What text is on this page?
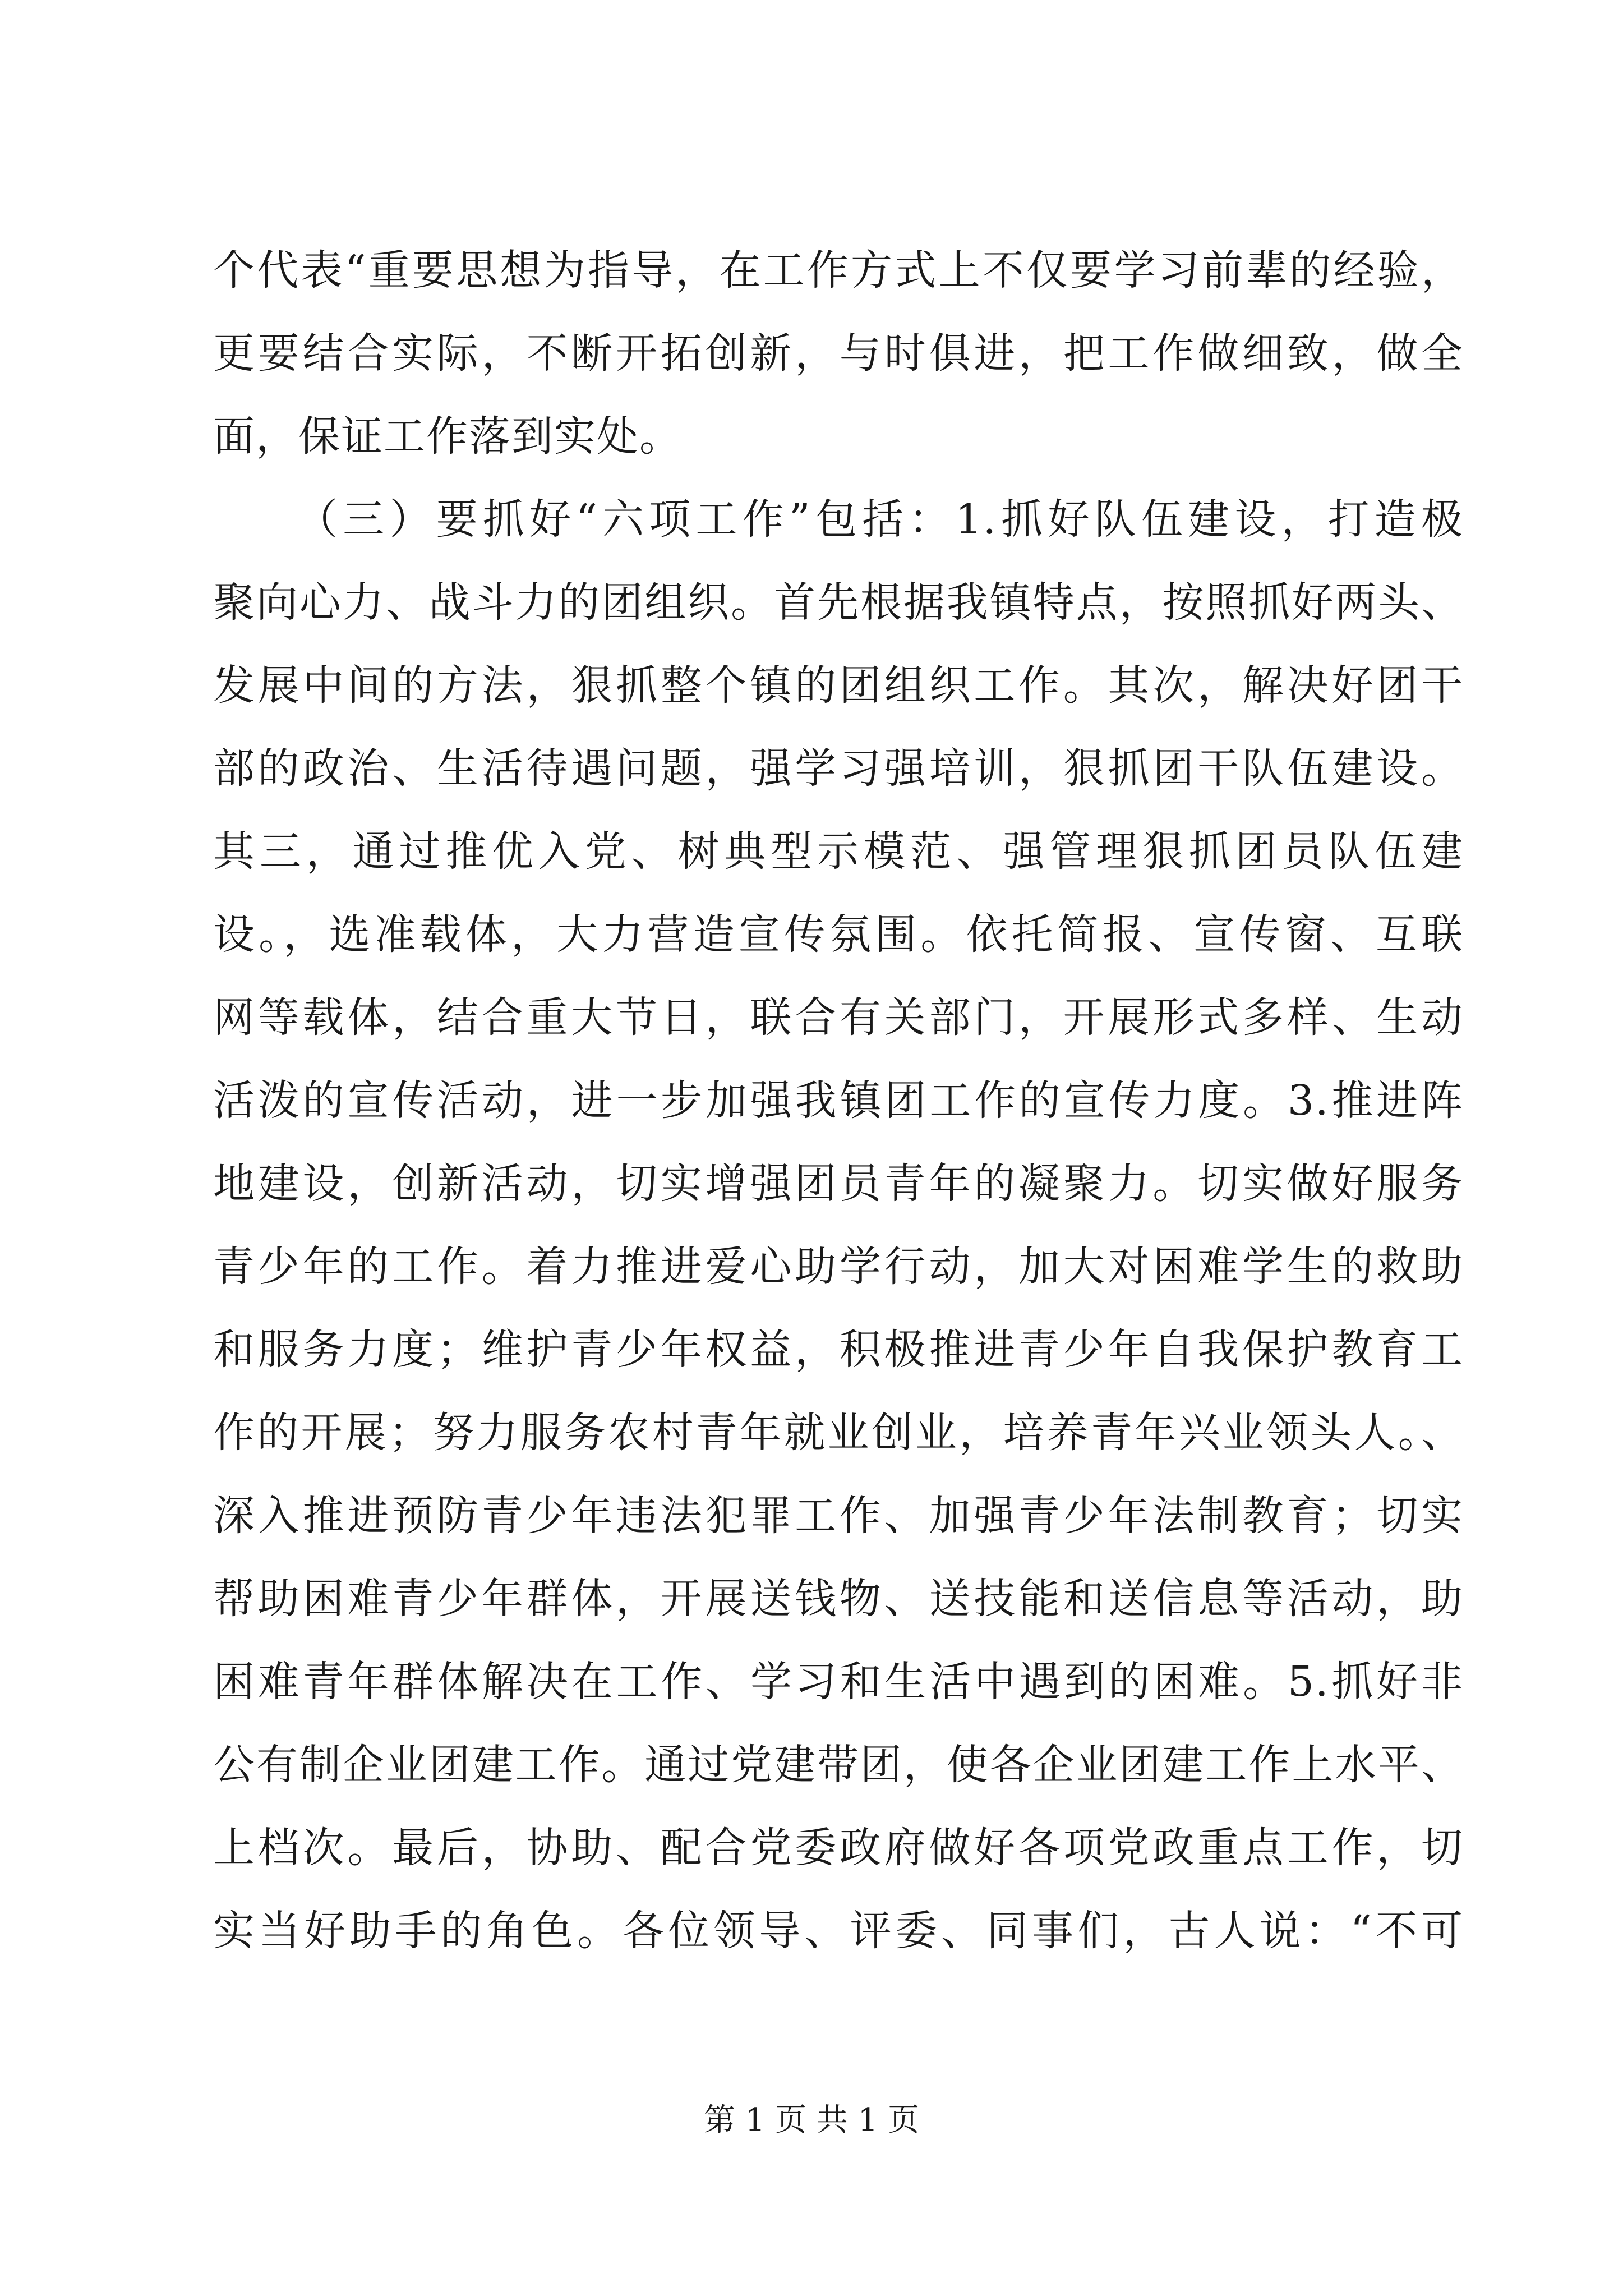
个代表“重要思想为指导，在工作方式上不仅要学习前辈的经验，
更要结合实际，不断开拓创新，与时俱进，把工作做细致，做全
面，保证工作落到实处。
（三）要抓好“六项工作”包括：1.抓好队伍建设，打造极
聚向心力、战斗力的团组织。首先根据我镇特点，按照抓好两头、
发展中间的方法，狠抓整个镇的团组织工作。其次，解决好团干
部的政治、生活待遇问题，强学习强培训，狠抓团干队伍建设。
其三，通过推优入党、树典型示模范、强管理狠抓团员队伍建
设。，选准载体，大力营造宣传氛围。依托简报、宣传窗、互联
网等载体，结合重大节日，联合有关部门，开展形式多样、生动
活泼的宣传活动，进一步加强我镇团工作的宣传力度。3.推进阵
地建设，创新活动，切实增强团员青年的凝聚力。切实做好服务
青少年的工作。着力推进爱心助学行动，加大对困难学生的救助
和服务力度；维护青少年权益，积极推进青少年自我保护教育工
作的开展；努力服务农村青年就业创业，培养青年兴业领头人。、
深入推进预防青少年违法犯罪工作、加强青少年法制教育；切实
帮助困难青少年群体，开展送钱物、送技能和送信息等活动，助
困难青年群体解决在工作、学习和生活中遇到的困难。5.抓好非
公有制企业团建工作。通过党建带团，使各企业团建工作上水平、
上档次。最后，协助、配合党委政府做好各项党政重点工作，切
实当好助手的角色。各位领导、评委、同事们，古人说：“不可
第 1 页 共 1 页
